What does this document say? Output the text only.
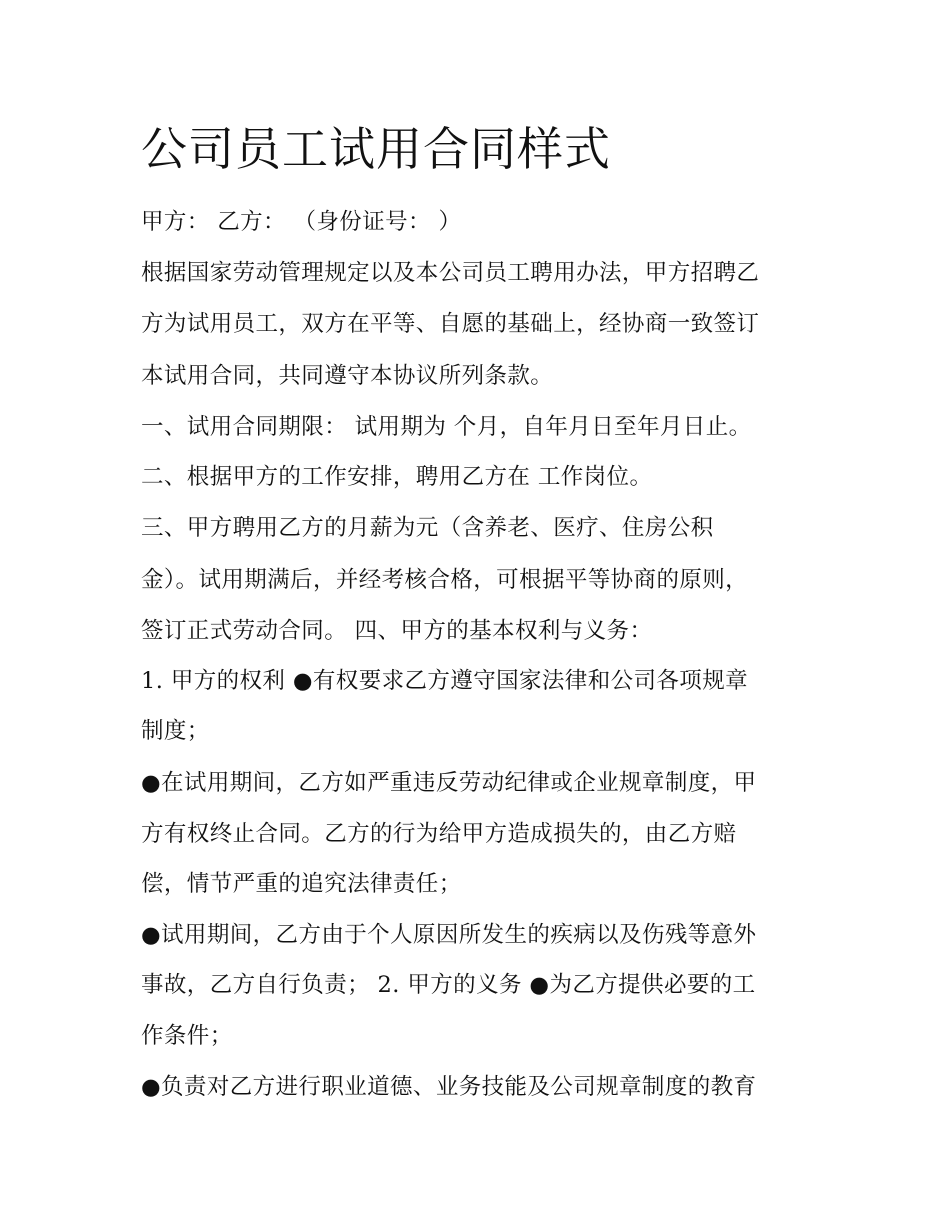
公司员工试用合同样式

甲方： 乙方： （身份证号： ）

根据国家劳动管理规定以及本公司员工聘用办法，甲方招聘乙

方为试用员工，双方在平等、自愿的基础上，经协商一致签订

本试用合同，共同遵守本协议所列条款。

一、试用合同期限： 试用期为 个月，自年月日至年月日止。

二、根据甲方的工作安排，聘用乙方在 工作岗位。

三、甲方聘用乙方的月薪为元（含养老、医疗、住房公积

金）。试用期满后，并经考核合格，可根据平等协商的原则，

签订正式劳动合同。 四、甲方的基本权利与义务：

1. 甲方的权利 ●有权要求乙方遵守国家法律和公司各项规章

制度；

●在试用期间，乙方如严重违反劳动纪律或企业规章制度，甲

方有权终止合同。乙方的行为给甲方造成损失的，由乙方赔

偿，情节严重的追究法律责任；

●试用期间，乙方由于个人原因所发生的疾病以及伤残等意外

事故，乙方自行负责； 2. 甲方的义务 ●为乙方提供必要的工

作条件；

●负责对乙方进行职业道德、业务技能及公司规章制度的教育
